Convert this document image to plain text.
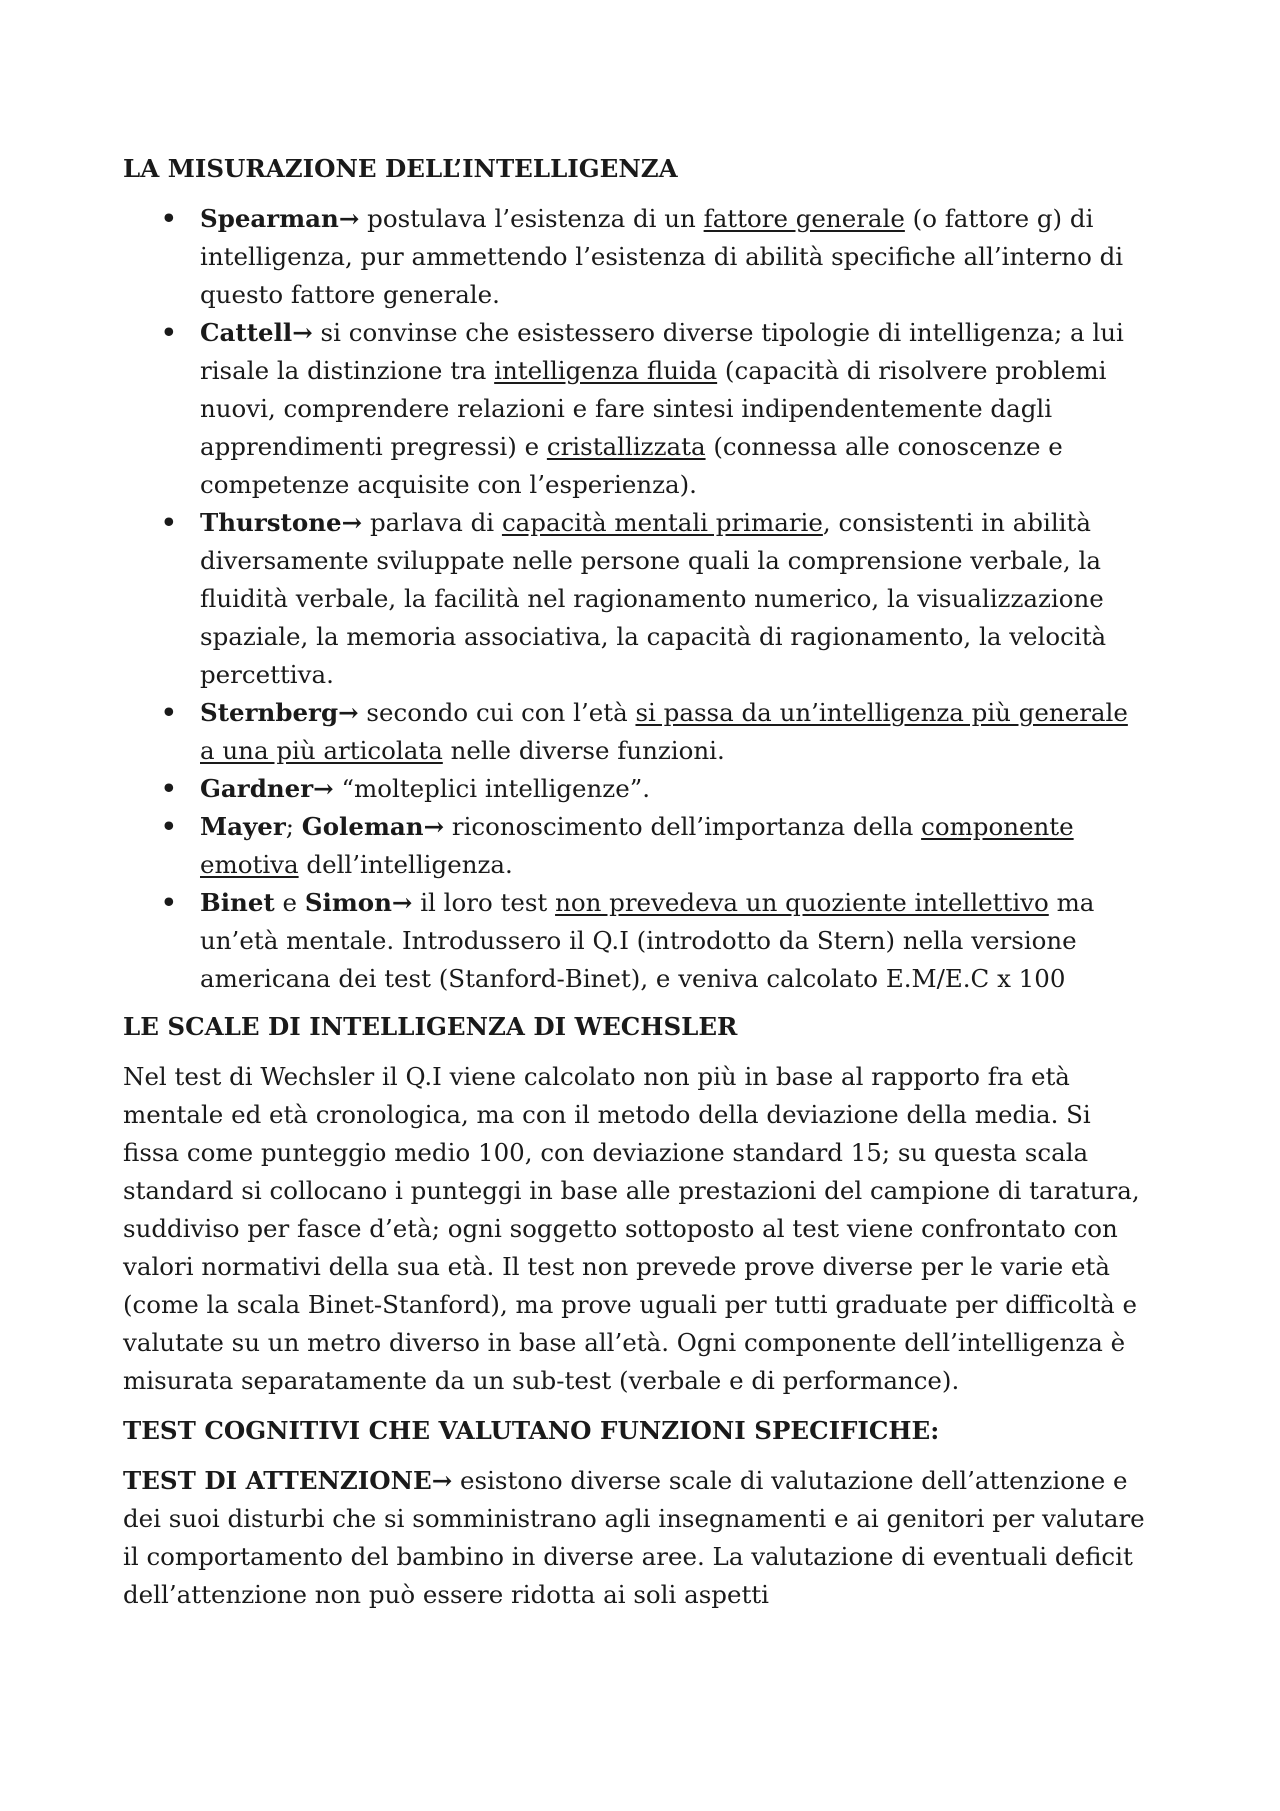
LA MISURAZIONE DELL’INTELLIGENZA
• Spearman→ postulava l’esistenza di un fattore generale (o fattore g) di intelligenza, pur ammettendo l’esistenza di abilità specifiche all’interno di questo fattore generale.
• Cattell→ si convinse che esistessero diverse tipologie di intelligenza; a lui risale la distinzione tra intelligenza fluida (capacità di risolvere problemi nuovi, comprendere relazioni e fare sintesi indipendentemente dagli apprendimenti pregressi) e cristallizzata (connessa alle conoscenze e competenze acquisite con l’esperienza).
• Thurstone→ parlava di capacità mentali primarie, consistenti in abilità diversamente sviluppate nelle persone quali la comprensione verbale, la fluidità verbale, la facilità nel ragionamento numerico, la visualizzazione spaziale, la memoria associativa, la capacità di ragionamento, la velocità percettiva.
• Sternberg→ secondo cui con l’età si passa da un’intelligenza più generale a una più articolata nelle diverse funzioni.
• Gardner→ “molteplici intelligenze”.
• Mayer; Goleman→ riconoscimento dell’importanza della componente emotiva dell’intelligenza.
• Binet e Simon→ il loro test non prevedeva un quoziente intellettivo ma un’età mentale. Introdussero il Q.I (introdotto da Stern) nella versione americana dei test (Stanford-Binet), e veniva calcolato E.M/E.C x 100
LE SCALE DI INTELLIGENZA DI WECHSLER

Nel test di Wechsler il Q.I viene calcolato non più in base al rapporto fra età mentale ed età cronologica, ma con il metodo della deviazione della media. Si fissa come punteggio medio 100, con deviazione standard 15; su questa scala standard si collocano i punteggi in base alle prestazioni del campione di taratura, suddiviso per fasce d’età; ogni soggetto sottoposto al test viene confrontato con valori normativi della sua età. Il test non prevede prove diverse per le varie età (come la scala Binet-Stanford), ma prove uguali per tutti graduate per difficoltà e valutate su un metro diverso in base all’età. Ogni componente dell’intelligenza è misurata separatamente da un sub-test (verbale e di performance).

TEST COGNITIVI CHE VALUTANO FUNZIONI SPECIFICHE:

TEST DI ATTENZIONE→ esistono diverse scale di valutazione dell’attenzione e dei suoi disturbi che si somministrano agli insegnamenti e ai genitori per valutare il comportamento del bambino in diverse aree. La valutazione di eventuali deficit dell’attenzione non può essere ridotta ai soli aspetti
